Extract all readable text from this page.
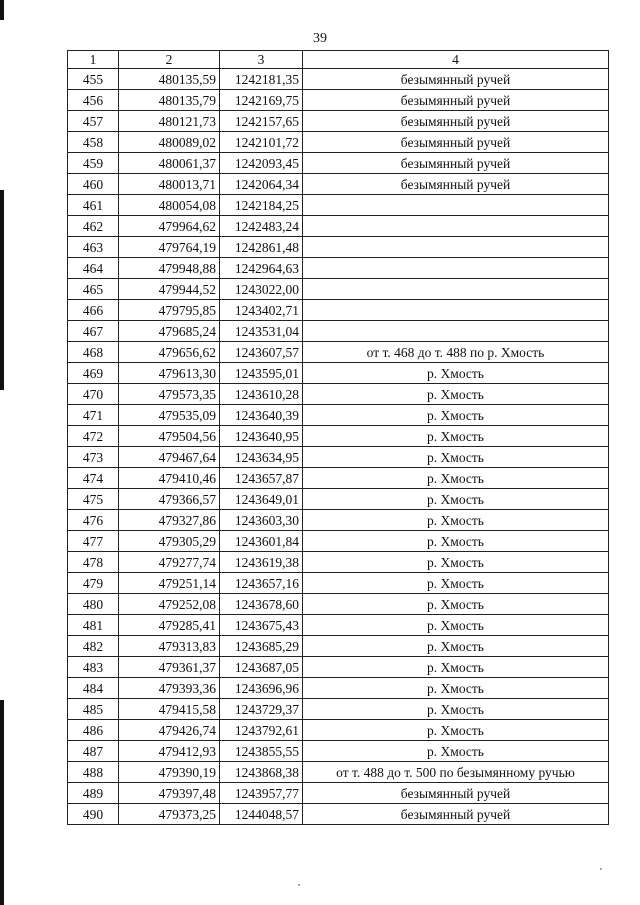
39
1	2	3	4
455	480135,59	1242181,35	безымянный ручей
456	480135,79	1242169,75	безымянный ручей
457	480121,73	1242157,65	безымянный ручей
458	480089,02	1242101,72	безымянный ручей
459	480061,37	1242093,45	безымянный ручей
460	480013,71	1242064,34	безымянный ручей
461	480054,08	1242184,25	
462	479964,62	1242483,24	
463	479764,19	1242861,48	
464	479948,88	1242964,63	
465	479944,52	1243022,00	
466	479795,85	1243402,71	
467	479685,24	1243531,04	
468	479656,62	1243607,57	от т. 468 до т. 488 по р. Хмость
469	479613,30	1243595,01	р. Хмость
470	479573,35	1243610,28	р. Хмость
471	479535,09	1243640,39	р. Хмость
472	479504,56	1243640,95	р. Хмость
473	479467,64	1243634,95	р. Хмость
474	479410,46	1243657,87	р. Хмость
475	479366,57	1243649,01	р. Хмость
476	479327,86	1243603,30	р. Хмость
477	479305,29	1243601,84	р. Хмость
478	479277,74	1243619,38	р. Хмость
479	479251,14	1243657,16	р. Хмость
480	479252,08	1243678,60	р. Хмость
481	479285,41	1243675,43	р. Хмость
482	479313,83	1243685,29	р. Хмость
483	479361,37	1243687,05	р. Хмость
484	479393,36	1243696,96	р. Хмость
485	479415,58	1243729,37	р. Хмость
486	479426,74	1243792,61	р. Хмость
487	479412,93	1243855,55	р. Хмость
488	479390,19	1243868,38	от т. 488 до т. 500 по безымянному ручью
489	479397,48	1243957,77	безымянный ручей
490	479373,25	1244048,57	безымянный ручей
